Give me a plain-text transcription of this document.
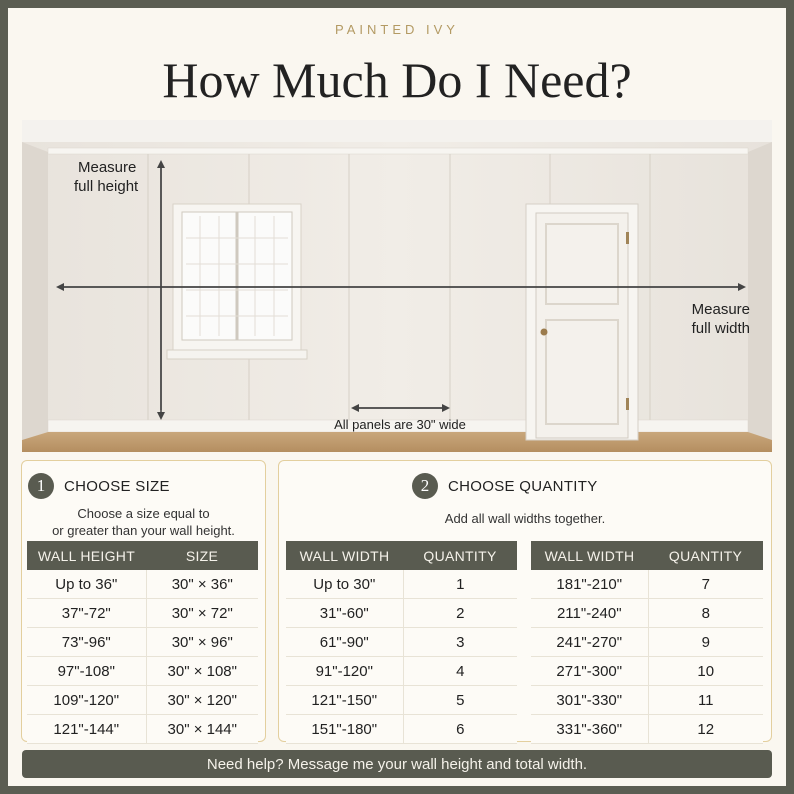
PAINTED IVY
How Much Do I Need?
Measure
full height
Measure
full width
All panels are 30" wide
1	CHOOSE SIZE
Choose a size equal to
or greater than your wall height.
WALL HEIGHT	SIZE
Up to 36"	30" × 36"
37"-72"	30" × 72"
73"-96"	30" × 96"
97"-108"	30" × 108"
109"-120"	30" × 120"
121"-144"	30" × 144"
2	CHOOSE QUANTITY
Add all wall widths together.
WALL WIDTH	QUANTITY
Up to 30"	1
31"-60"	2
61"-90"	3
91"-120"	4
121"-150"	5
151"-180"	6
WALL WIDTH	QUANTITY
181"-210"	7
211"-240"	8
241"-270"	9
271"-300"	10
301"-330"	11
331"-360"	12
Need help? Message me your wall height and total width.
